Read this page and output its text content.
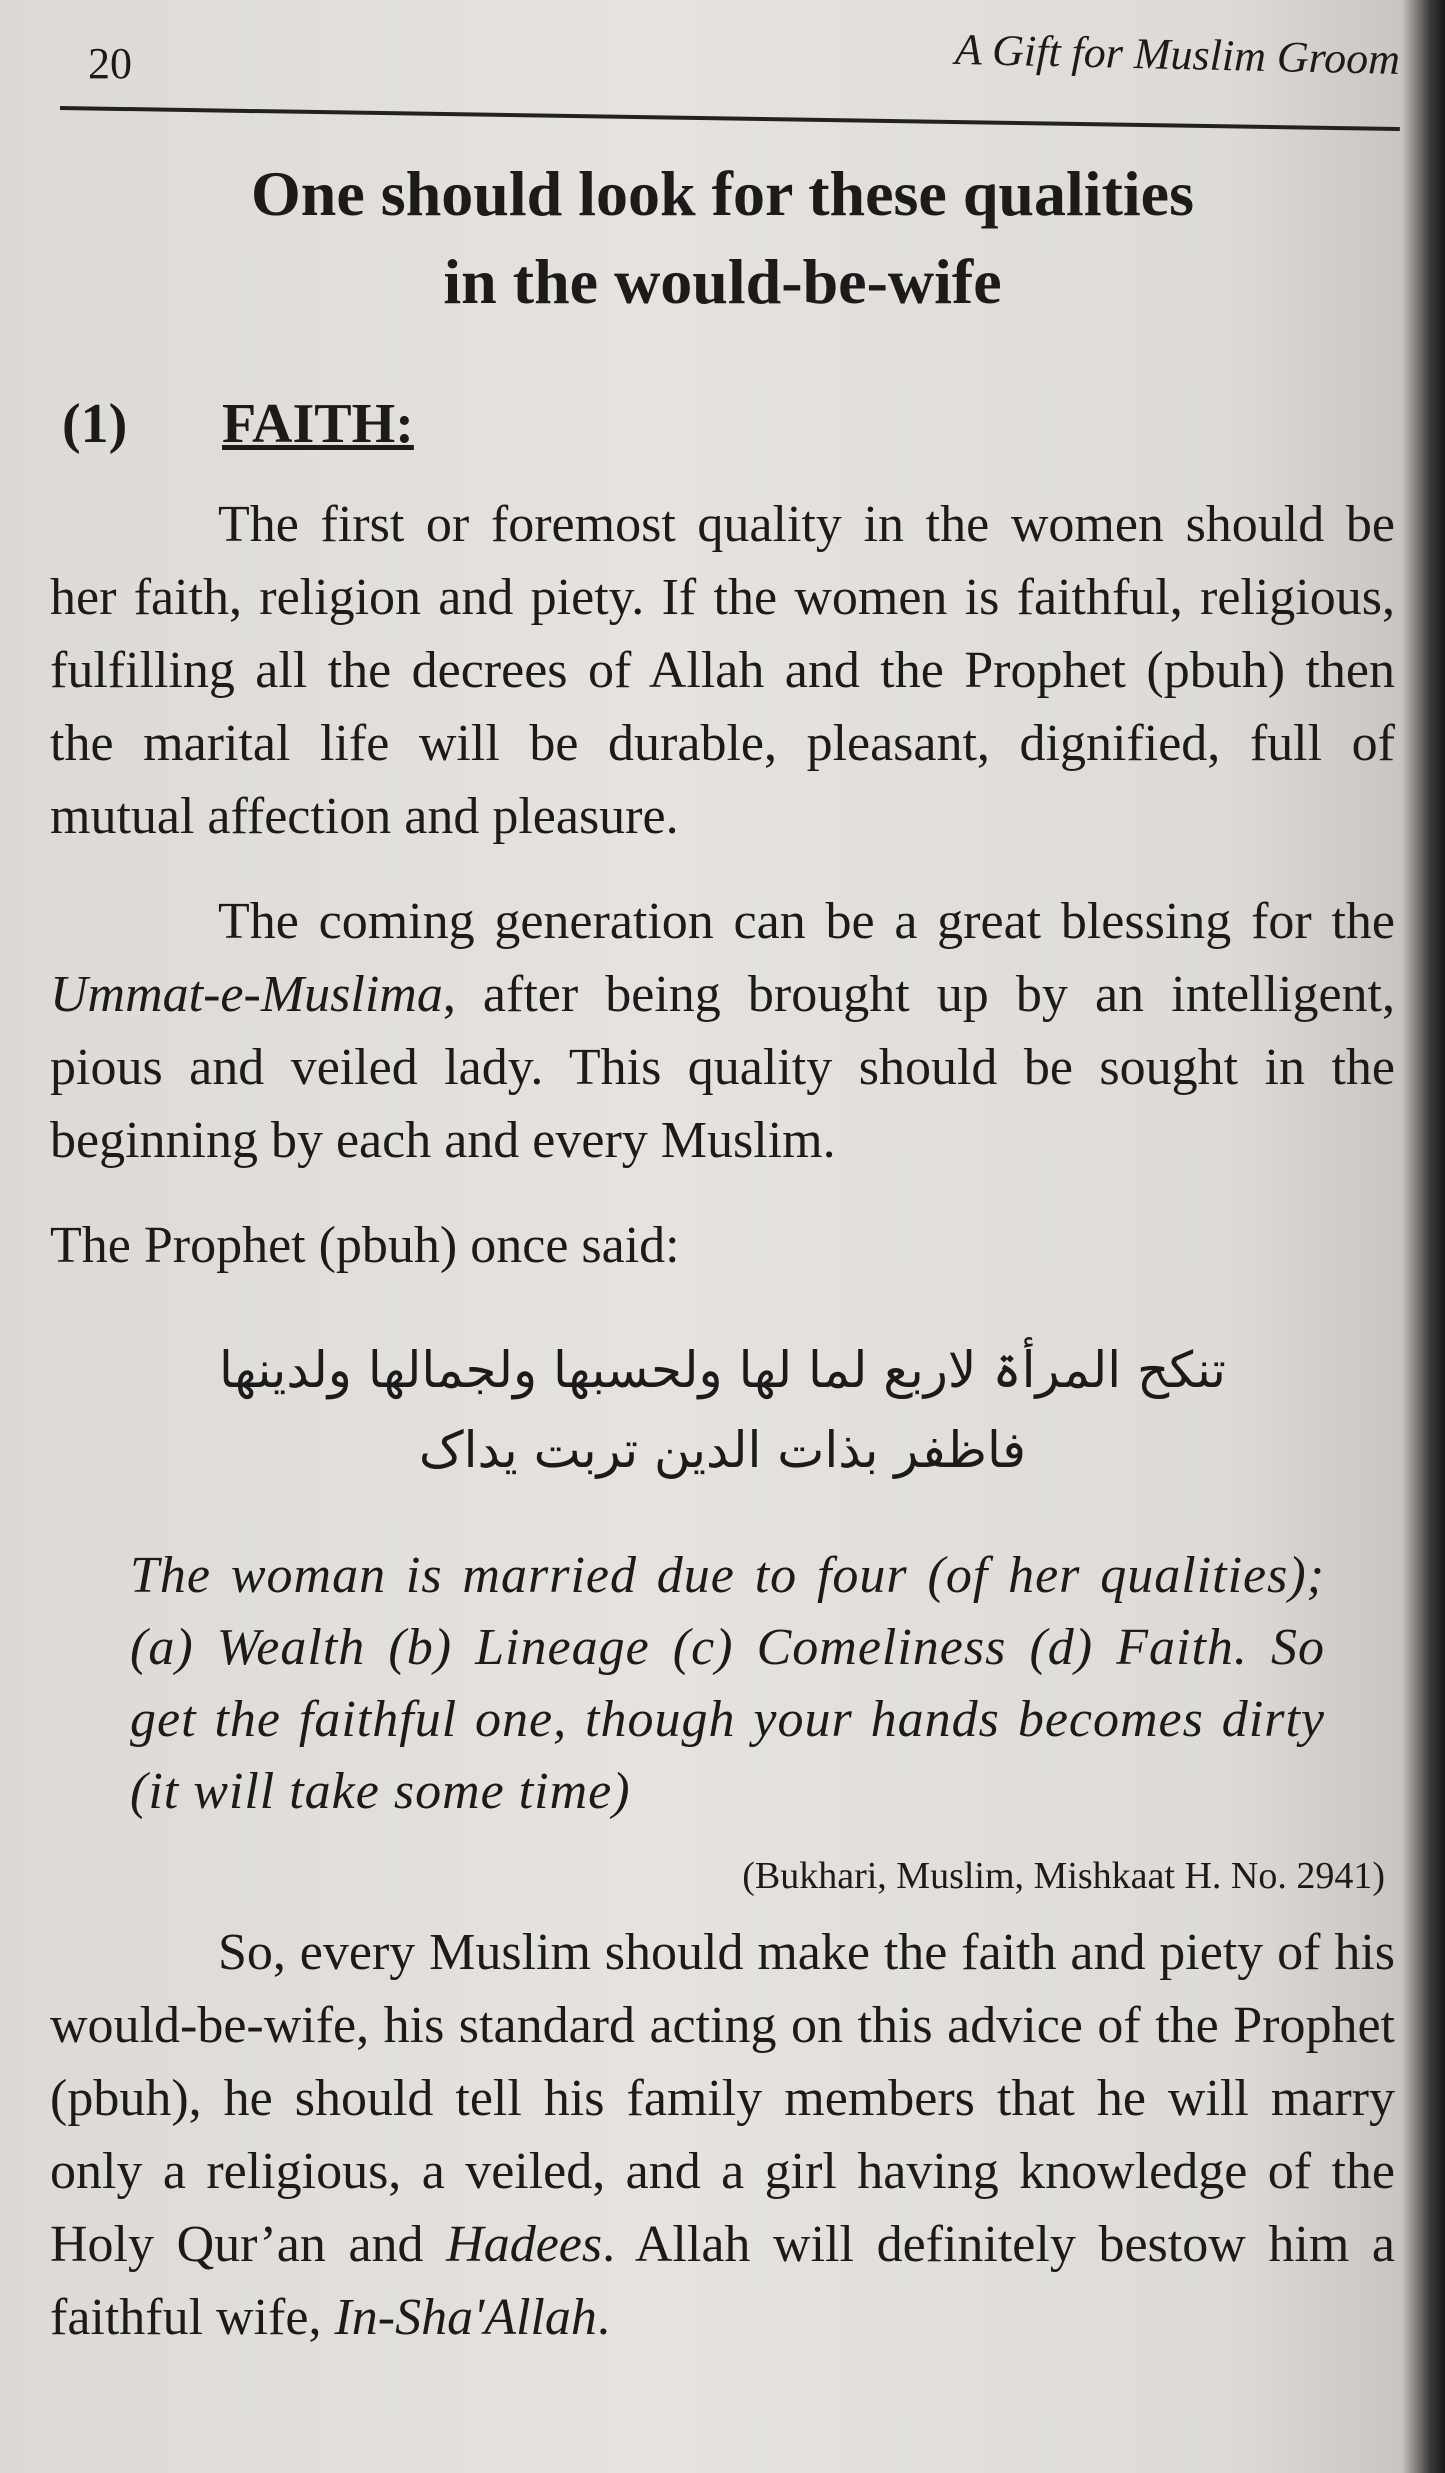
20	A Gift for Muslim Groom
One should look for these qualities
in the would-be-wife
(1) FAITH:

The first or foremost quality in the women should be her faith, religion and piety. If the women is faithful, religious, fulfilling all the decrees of Allah and the Prophet (pbuh) then the marital life will be durable, pleasant, dignified, full of mutual affection and pleasure.

The coming generation can be a great blessing for the Ummat-e-Muslima, after being brought up by an intelligent, pious and veiled lady. This quality should be sought in the beginning by each and every Muslim.

The Prophet (pbuh) once said:

تنکح المرأۃ لاربع لما لھا ولحسبھا ولجمالھا ولدینھا
فاظفر بذات الدین تربت یداک

The woman is married due to four (of her qualities); (a) Wealth (b) Lineage (c) Comeliness (d) Faith. So get the faithful one, though your hands becomes dirty (it will take some time)

(Bukhari, Muslim, Mishkaat H. No. 2941)

So, every Muslim should make the faith and piety of his would-be-wife, his standard acting on this advice of the Prophet (pbuh), he should tell his family members that he will marry only a religious, a veiled, and a girl having knowledge of the Holy Qur’an and Hadees. Allah will definitely bestow him a faithful wife, In-Sha'Allah.
